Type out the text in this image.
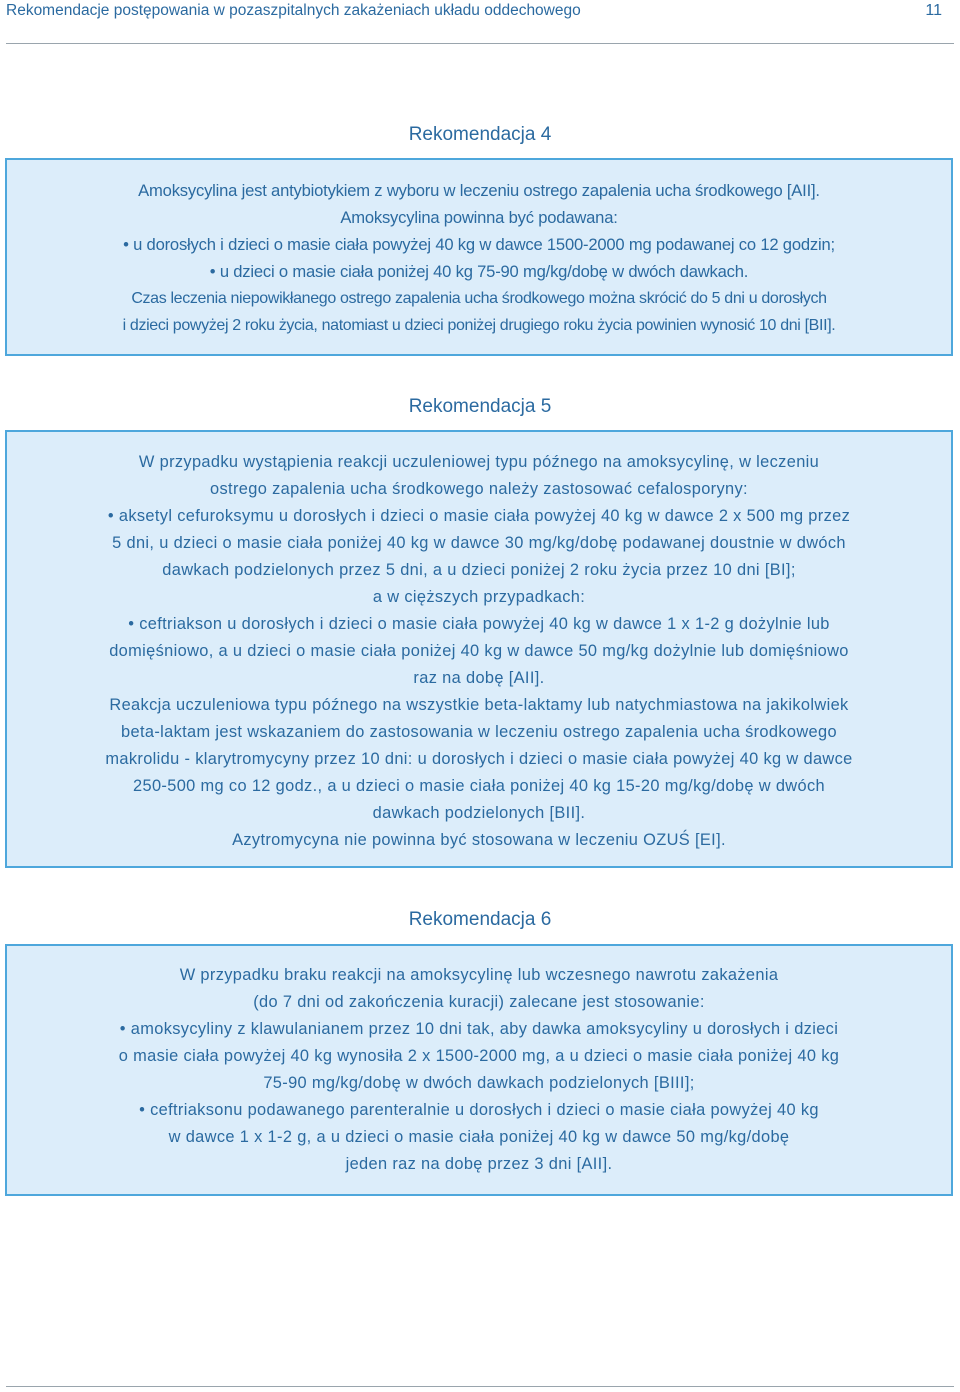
Rekomendacje postępowania w pozaszpitalnych zakażeniach układu oddechowego	11
Rekomendacja 4
Amoksycylina jest antybiotykiem z wyboru w leczeniu ostrego zapalenia ucha środkowego [AII].
Amoksycylina powinna być podawana:
• u dorosłych i dzieci o masie ciała powyżej 40 kg w dawce 1500-2000 mg podawanej co 12 godzin;
• u dzieci o masie ciała poniżej 40 kg 75-90 mg/kg/dobę w dwóch dawkach.
Czas leczenia niepowikłanego ostrego zapalenia ucha środkowego można skrócić do 5 dni u dorosłych
i dzieci powyżej 2 roku życia, natomiast u dzieci poniżej drugiego roku życia powinien wynosić 10 dni [BII].
Rekomendacja 5
W przypadku wystąpienia reakcji uczuleniowej typu późnego na amoksycylinę, w leczeniu
ostrego zapalenia ucha środkowego należy zastosować cefalosporyny:
• aksetyl cefuroksymu u dorosłych i dzieci o masie ciała powyżej 40 kg w dawce 2 x 500 mg przez
5 dni, u dzieci o masie ciała poniżej 40 kg w dawce 30 mg/kg/dobę podawanej doustnie w dwóch
dawkach podzielonych przez 5 dni, a u dzieci poniżej 2 roku życia przez 10 dni [BI];
a w cięższych przypadkach:
• ceftriakson u dorosłych i dzieci o masie ciała powyżej 40 kg w dawce 1 x 1-2 g dożylnie lub
domięśniowo, a u dzieci o masie ciała poniżej 40 kg w dawce 50 mg/kg dożylnie lub domięśniowo
raz na dobę [AII].
Reakcja uczuleniowa typu późnego na wszystkie beta-laktamy lub natychmiastowa na jakikolwiek
beta-laktam jest wskazaniem do zastosowania w leczeniu ostrego zapalenia ucha środkowego
makrolidu - klarytromycyny przez 10 dni: u dorosłych i dzieci o masie ciała powyżej 40 kg w dawce
250-500 mg co 12 godz., a u dzieci o masie ciała poniżej 40 kg 15-20 mg/kg/dobę w dwóch
dawkach podzielonych [BII].
Azytromycyna nie powinna być stosowana w leczeniu OZUŚ [EI].
Rekomendacja 6
W przypadku braku reakcji na amoksycylinę lub wczesnego nawrotu zakażenia
(do 7 dni od zakończenia kuracji) zalecane jest stosowanie:
• amoksycyliny z klawulanianem przez 10 dni tak, aby dawka amoksycyliny u dorosłych i dzieci
o masie ciała powyżej 40 kg wynosiła 2 x 1500-2000 mg, a u dzieci o masie ciała poniżej 40 kg
75-90 mg/kg/dobę w dwóch dawkach podzielonych [BIII];
• ceftriaksonu podawanego parenteralnie u dorosłych i dzieci o masie ciała powyżej 40 kg
w dawce 1 x 1-2 g, a u dzieci o masie ciała poniżej 40 kg w dawce 50 mg/kg/dobę
jeden raz na dobę przez 3 dni [AII].
